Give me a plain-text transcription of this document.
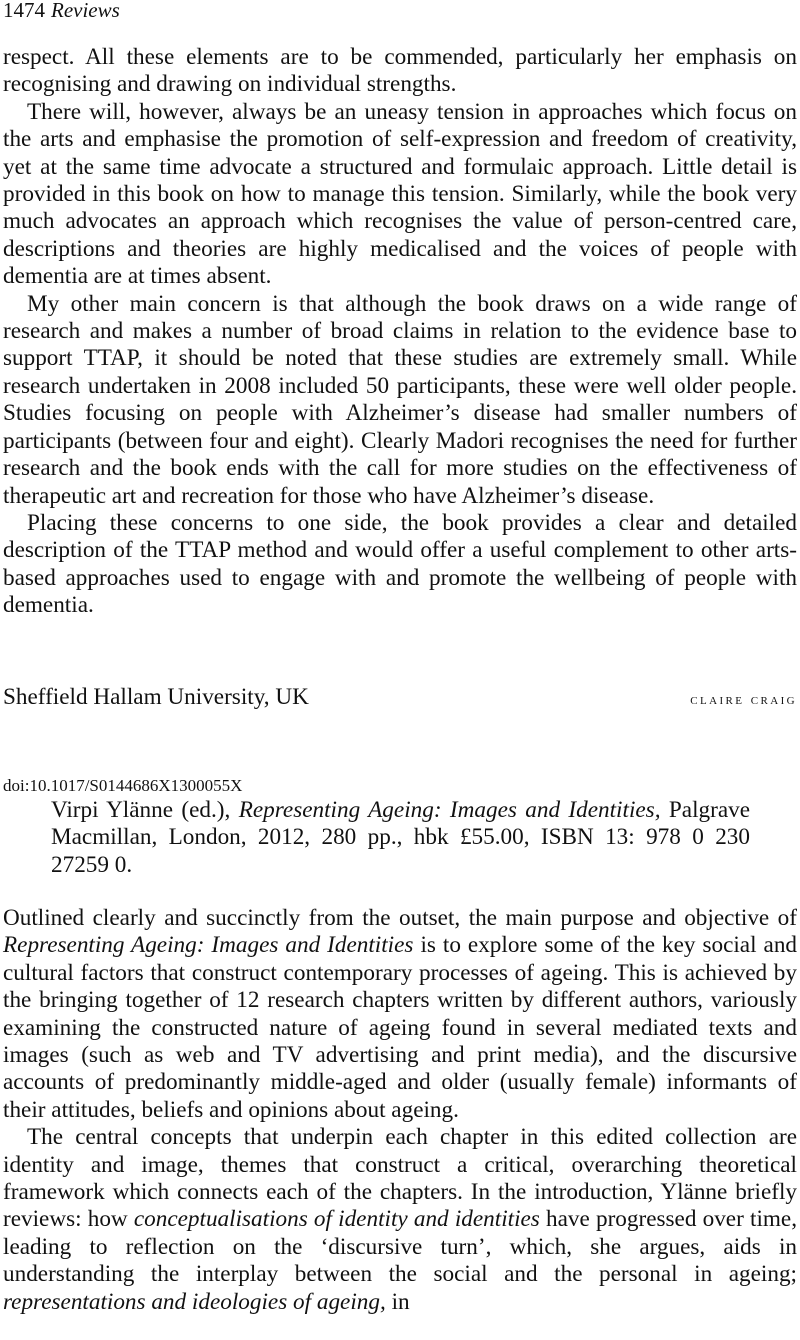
1474 Reviews

respect. All these elements are to be commended, particularly her emphasis on recognising and drawing on individual strengths.

There will, however, always be an uneasy tension in approaches which focus on the arts and emphasise the promotion of self-expression and freedom of creativity, yet at the same time advocate a structured and formulaic approach. Little detail is provided in this book on how to manage this tension. Similarly, while the book very much advocates an approach which recognises the value of person-centred care, descriptions and theories are highly medicalised and the voices of people with dementia are at times absent.

My other main concern is that although the book draws on a wide range of research and makes a number of broad claims in relation to the evidence base to support TTAP, it should be noted that these studies are extremely small. While research undertaken in 2008 included 50 participants, these were well older people. Studies focusing on people with Alzheimer’s disease had smaller numbers of participants (between four and eight). Clearly Madori recognises the need for further research and the book ends with the call for more studies on the effectiveness of therapeutic art and recreation for those who have Alzheimer’s disease.

Placing these concerns to one side, the book provides a clear and detailed description of the TTAP method and would offer a useful complement to other arts-based approaches used to engage with and promote the wellbeing of people with dementia.

Sheffield Hallam University, UK	claire craig
doi:10.1017/S0144686X1300055X

Virpi Ylänne (ed.), Representing Ageing: Images and Identities, Palgrave Macmillan, London, 2012, 280 pp., hbk £55.00, ISBN 13: 978 0 230 27259 0.

Outlined clearly and succinctly from the outset, the main purpose and objective of Representing Ageing: Images and Identities is to explore some of the key social and cultural factors that construct contemporary processes of ageing. This is achieved by the bringing together of 12 research chapters written by different authors, variously examining the constructed nature of ageing found in several mediated texts and images (such as web and TV advertising and print media), and the discursive accounts of predominantly middle-aged and older (usually female) informants of their attitudes, beliefs and opinions about ageing.

The central concepts that underpin each chapter in this edited collection are identity and image, themes that construct a critical, overarching theoretical framework which connects each of the chapters. In the introduction, Ylänne briefly reviews: how conceptualisations of identity and identities have progressed over time, leading to reflection on the ‘discursive turn’, which, she argues, aids in understanding the interplay between the social and the personal in ageing; representations and ideologies of ageing, in
